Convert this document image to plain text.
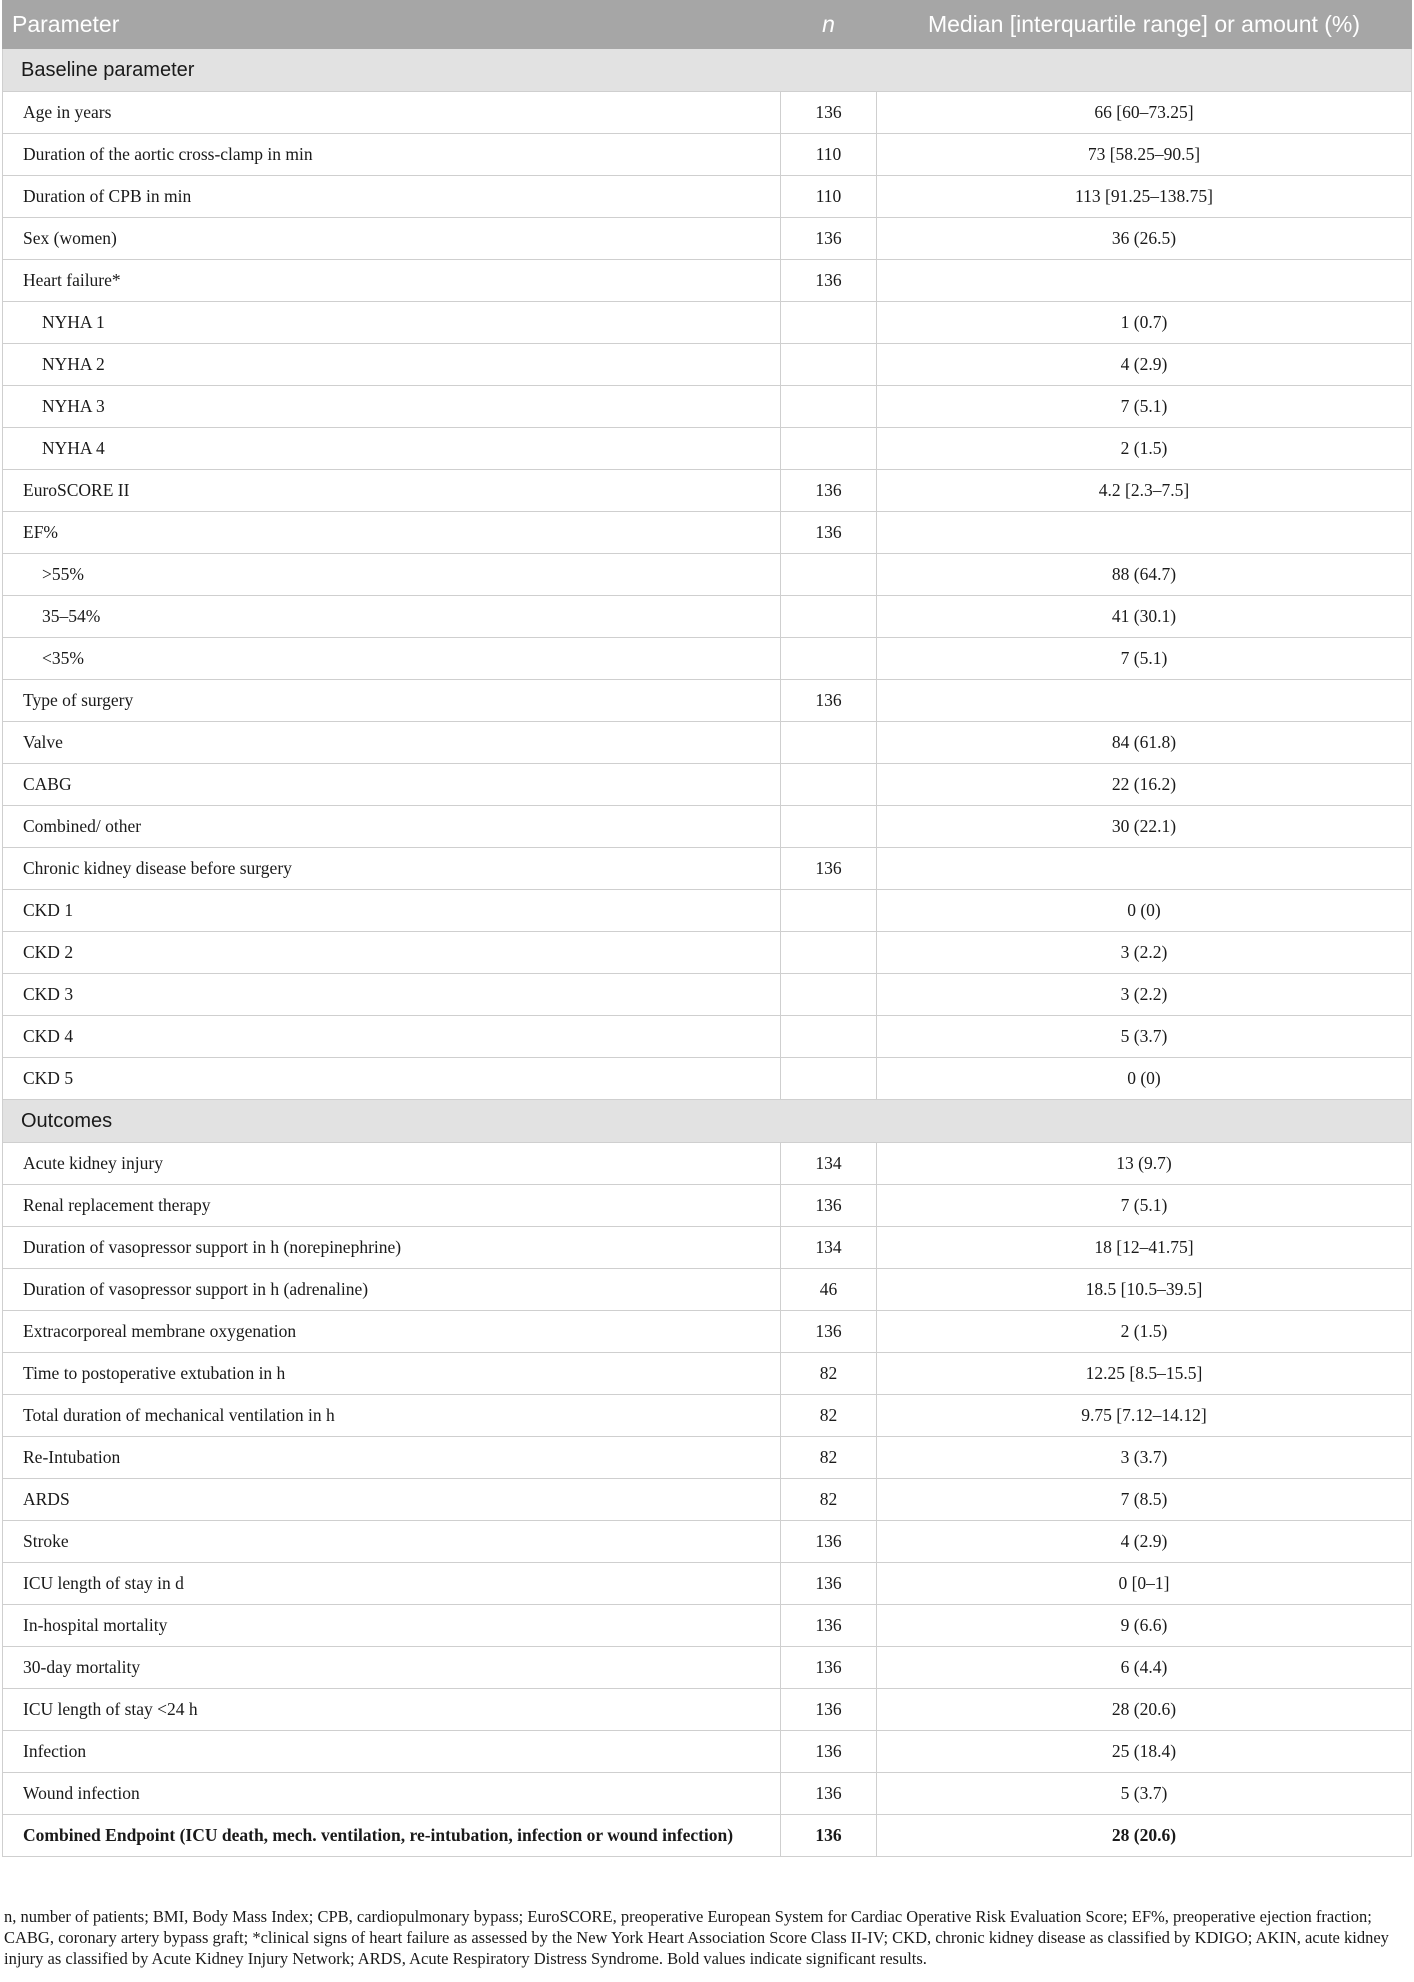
Parameter	n	Median [interquartile range] or amount (%)
Baseline parameter		
Age in years	136	66 [60–73.25]
Duration of the aortic cross-clamp in min	110	73 [58.25–90.5]
Duration of CPB in min	110	113 [91.25–138.75]
Sex (women)	136	36 (26.5)
Heart failure*	136	
NYHA 1		1 (0.7)
NYHA 2		4 (2.9)
NYHA 3		7 (5.1)
NYHA 4		2 (1.5)
EuroSCORE II	136	4.2 [2.3–7.5]
EF%	136	
>55%		88 (64.7)
35–54%		41 (30.1)
<35%		7 (5.1)
Type of surgery	136	
Valve		84 (61.8)
CABG		22 (16.2)
Combined/ other		30 (22.1)
Chronic kidney disease before surgery	136	
CKD 1		0 (0)
CKD 2		3 (2.2)
CKD 3		3 (2.2)
CKD 4		5 (3.7)
CKD 5		0 (0)
Outcomes		
Acute kidney injury	134	13 (9.7)
Renal replacement therapy	136	7 (5.1)
Duration of vasopressor support in h (norepinephrine)	134	18 [12–41.75]
Duration of vasopressor support in h (adrenaline)	46	18.5 [10.5–39.5]
Extracorporeal membrane oxygenation	136	2 (1.5)
Time to postoperative extubation in h	82	12.25 [8.5–15.5]
Total duration of mechanical ventilation in h	82	9.75 [7.12–14.12]
Re-Intubation	82	3 (3.7)
ARDS	82	7 (8.5)
Stroke	136	4 (2.9)
ICU length of stay in d	136	0 [0–1]
In-hospital mortality	136	9 (6.6)
30-day mortality	136	6 (4.4)
ICU length of stay <24 h	136	28 (20.6)
Infection	136	25 (18.4)
Wound infection	136	5 (3.7)
Combined Endpoint (ICU death, mech. ventilation, re-intubation, infection or wound infection)	136	28 (20.6)
n, number of patients; BMI, Body Mass Index; CPB, cardiopulmonary bypass; EuroSCORE, preoperative European System for Cardiac Operative Risk Evaluation Score; EF%, preoperative ejection fraction; CABG, coronary artery bypass graft; *clinical signs of heart failure as assessed by the New York Heart Association Score Class II-IV; CKD, chronic kidney disease as classified by KDIGO; AKIN, acute kidney injury as classified by Acute Kidney Injury Network; ARDS, Acute Respiratory Distress Syndrome. Bold values indicate significant results.
